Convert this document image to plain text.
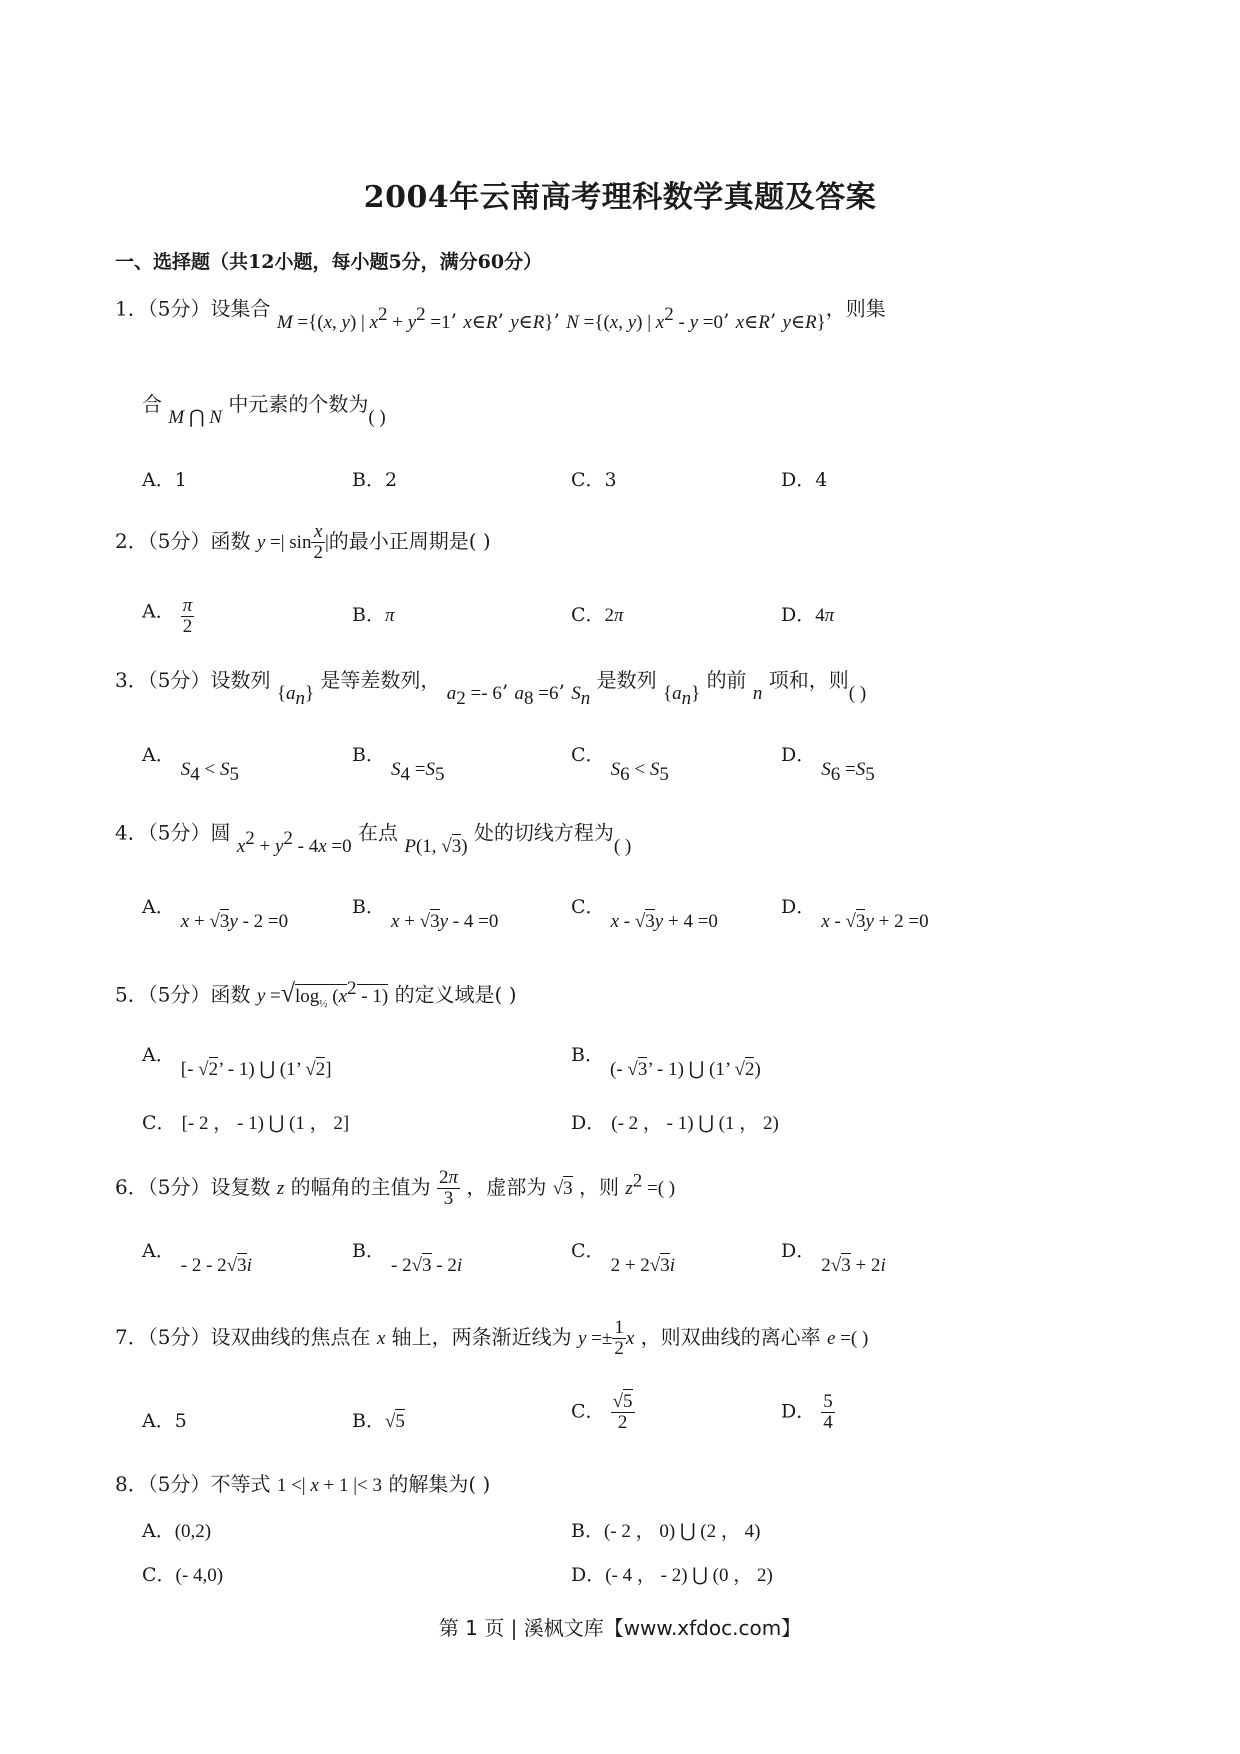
2004年云南高考理科数学真题及答案
一、选择题（共12小题，每小题5分，满分60分）
1．（5分）设集合 M ={(x, y) | $x^2 + y^2 =1$’ x∈R’ y∈R}’ N ={(x, y) | $x^2 - y =0$’ x∈R’ y∈R}，则集
合 M ⋂ N 中元素的个数为( )
A．1	B．2	C．3	D．4
2．（5分）函数 y =| $\sin \frac{x}{2}$ |的最小正周期是( )
A． $\frac{\pi}{2}$	B．π	C．2π	D．4π
3．（5分）设数列 $\{a_n\}$ 是等差数列， $a_2 =- 6$’ $a_8 =6$’ $S_n$ 是数列 $\{a_n\}$ 的前 n 项和，则( )
A． $S_4 < S_5$
B． $S_4 =S_5$
C． $S_6 < S_5$
D． $S_6 =S_5$
4．（5分）圆 $x^2 + y^2 - 4x =0$ 在点 P(1, √3) 处的切线方程为( )
A． x + √3y - 2 =0
B． x + √3y - 4 =0
C． x - √3y + 4 =0
D． x - √3y + 2 =0
5．（5分）函数 $y =√\log_{\frac{1}{2}}$ $(x^2 - 1)$ 的定义域是( )
A． [- √2’ - 1) ⋃ (1’ √2]
B． (- √3’ - 1) ⋃ (1’ √2)
C． [- 2 ， - 1) ⋃ (1 ， 2]	D． (- 2 ， - 1) ⋃ (1 ， 2)
6．（5分）设复数 z 的幅角的主值为 $\frac{2\pi}{3}$ ，虚部为 √3 ，则 $z^2$ =( )
A． - 2 - 2√3i
B． - 2√3 - 2i
C． 2 + 2√3i
D． 2√3 + 2i
7．（5分）设双曲线的焦点在 x 轴上，两条渐近线为 $y =\pm \frac{1}{2}$ x ，则双曲线的离心率 e =( )
A．5	B．√5	C． $\frac{√5}{2}$	D． $\frac{5}{4}$
8．（5分）不等式 1 <| x + 1 |< 3 的解集为( )
A．(0,2)	B．(- 2 ， 0) ⋃ (2 ， 4)
C．(- 4,0)	D．(- 4 ， - 2) ⋃ (0 ， 2)
第 1 页 | 溪枫文库【www.xfdoc.com】
